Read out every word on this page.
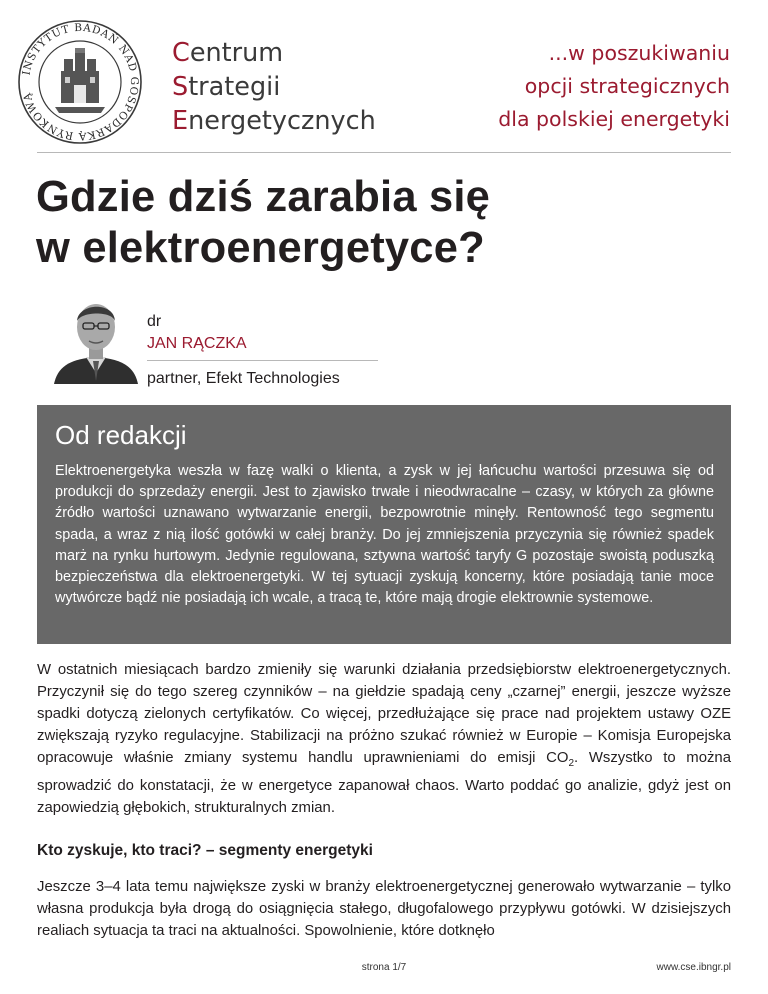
INSTYTUT BADAŃ NAD GOSPODARKĄ RYNKOWĄ
Centrum
Strategii
Energetycznych
...w poszukiwaniu
opcji strategicznych
dla polskiej energetyki
Gdzie dziś zarabia się
w elektroenergetyce?
dr
JAN RĄCZKA
partner, Efekt Technologies
Od redakcji

Elektroenergetyka weszła w fazę walki o klienta, a zysk w jej łańcuchu wartości przesuwa się od produkcji do sprzedaży energii. Jest to zjawisko trwałe i nieodwracalne – czasy, w których za główne źródło wartości uznawano wytwarzanie energii, bezpowrotnie minęły. Rentowność tego segmentu spada, a wraz z nią ilość gotówki w całej branży. Do jej zmniejszenia przyczynia się również spadek marż na rynku hurtowym. Jedynie regulowana, sztywna wartość taryfy G pozostaje swoistą poduszką bezpieczeństwa dla elektroenergetyki. W tej sytuacji zyskują koncerny, które posiadają tanie moce wytwórcze bądź nie posiadają ich wcale, a tracą te, które mają drogie elektrownie systemowe.

W ostatnich miesiącach bardzo zmieniły się warunki działania przedsiębiorstw elektroenergetycznych. Przyczynił się do tego szereg czynników – na giełdzie spadają ceny „czarnej” energii, jeszcze wyższe spadki dotyczą zielonych certyfikatów. Co więcej, przedłużające się prace nad projektem ustawy OZE zwiększają ryzyko regulacyjne. Stabilizacji na próżno szukać również w Europie – Komisja Europejska opracowuje właśnie zmiany systemu handlu uprawnieniami do emisji $CO_2$. Wszystko to można sprowadzić do konstatacji, że w energetyce zapanował chaos. Warto poddać go analizie, gdyż jest on zapowiedzią głębokich, strukturalnych zmian.

Kto zyskuje, kto traci? – segmenty energetyki

Jeszcze 3–4 lata temu największe zyski w branży elektroenergetycznej generowało wytwarzanie – tylko własna produkcja była drogą do osiągnięcia stałego, długofalowego przypływu gotówki. W dzisiejszych realiach sytuacja ta traci na aktualności. Spowolnienie, które dotknęło

strona 1/7	www.cse.ibngr.pl
